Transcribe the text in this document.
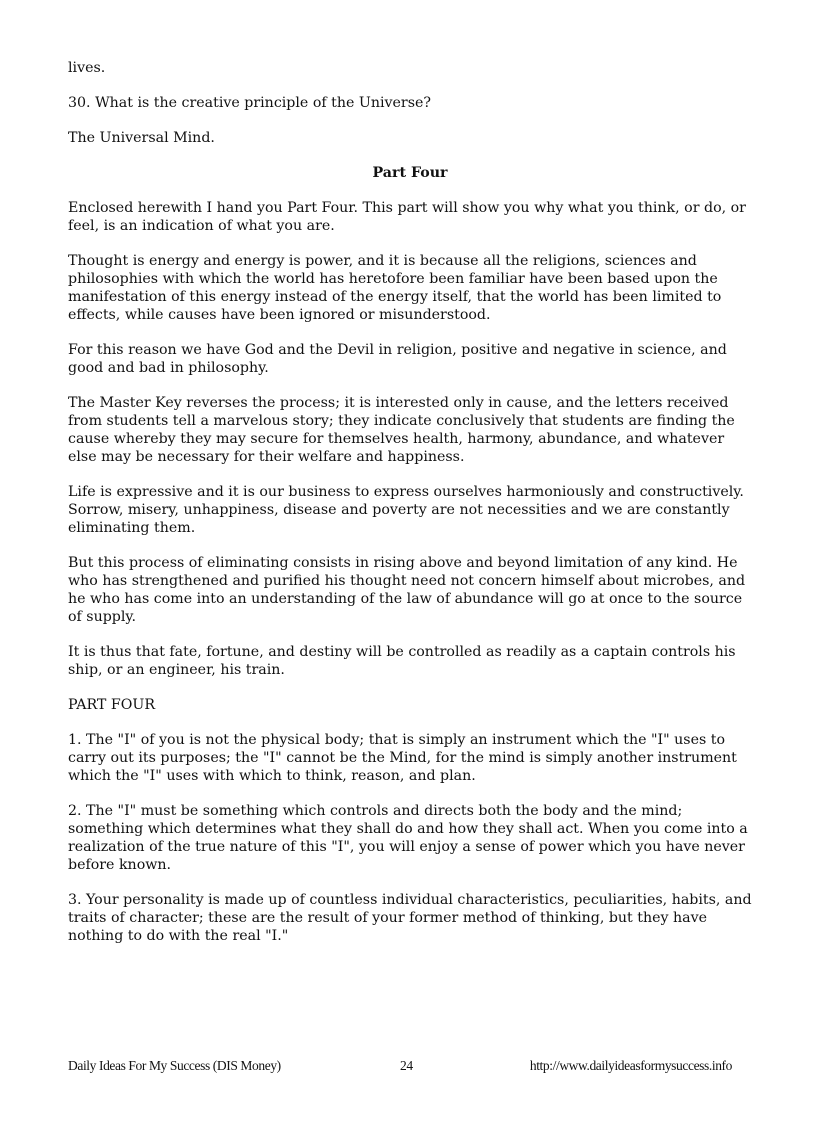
lives.

30. What is the creative principle of the Universe?

The Universal Mind.

Part Four

Enclosed herewith I hand you Part Four. This part will show you why what you think, or do, or feel, is an indication of what you are.

Thought is energy and energy is power, and it is because all the religions, sciences and philosophies with which the world has heretofore been familiar have been based upon the manifestation of this energy instead of the energy itself, that the world has been limited to effects, while causes have been ignored or misunderstood.

For this reason we have God and the Devil in religion, positive and negative in science, and good and bad in philosophy.

The Master Key reverses the process; it is interested only in cause, and the letters received from students tell a marvelous story; they indicate conclusively that students are finding the cause whereby they may secure for themselves health, harmony, abundance, and whatever else may be necessary for their welfare and happiness.

Life is expressive and it is our business to express ourselves harmoniously and constructively. Sorrow, misery, unhappiness, disease and poverty are not necessities and we are constantly eliminating them.

But this process of eliminating consists in rising above and beyond limitation of any kind. He who has strengthened and purified his thought need not concern himself about microbes, and he who has come into an understanding of the law of abundance will go at once to the source of supply.

It is thus that fate, fortune, and destiny will be controlled as readily as a captain controls his ship, or an engineer, his train.

PART FOUR

1. The "I" of you is not the physical body; that is simply an instrument which the "I" uses to carry out its purposes; the "I" cannot be the Mind, for the mind is simply another instrument which the "I" uses with which to think, reason, and plan.

2. The "I" must be something which controls and directs both the body and the mind; something which determines what they shall do and how they shall act. When you come into a realization of the true nature of this "I", you will enjoy a sense of power which you have never before known.

3. Your personality is made up of countless individual characteristics, peculiarities, habits, and traits of character; these are the result of your former method of thinking, but they have nothing to do with the real "I."

Daily Ideas For My Success (DIS Money)	24	http://www.dailyideasformysuccess.info
